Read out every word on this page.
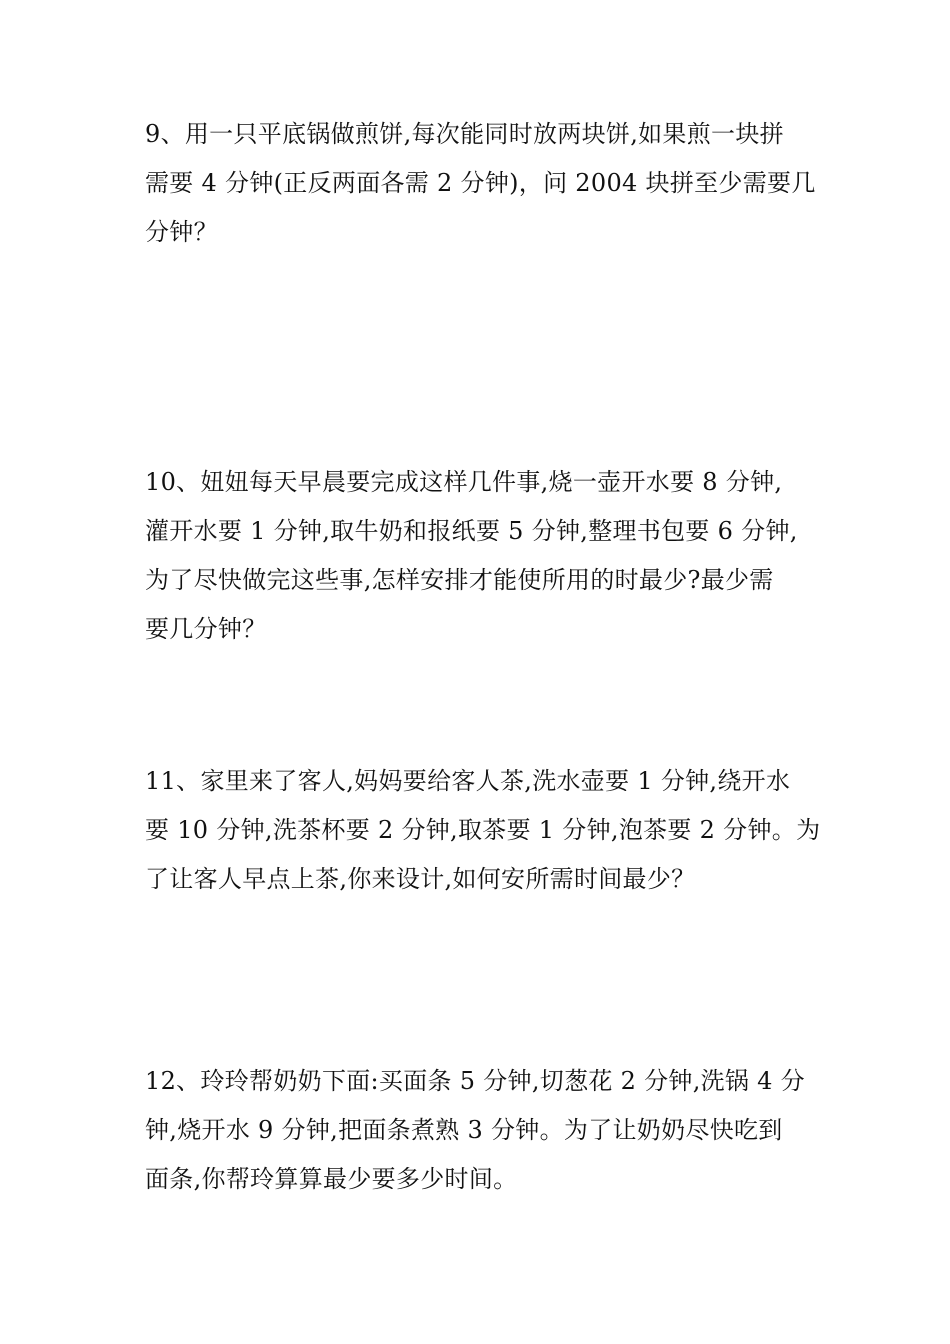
9、用一只平底锅做煎饼,每次能同时放两块饼,如果煎一块拼
需要 4 分钟(正反两面各需 2 分钟)，问 2004 块拼至少需要几
分钟？

10、妞妞每天早晨要完成这样几件事,烧一壶开水要 8 分钟,
灌开水要 1 分钟,取牛奶和报纸要 5 分钟,整理书包要 6 分钟,
为了尽快做完这些事,怎样安排才能使所用的时最少?最少需
要几分钟？

11、家里来了客人,妈妈要给客人茶,洗水壶要 1 分钟,绕开水
要 10 分钟,洗茶杯要 2 分钟,取茶要 1 分钟,泡茶要 2 分钟。为
了让客人早点上茶,你来设计,如何安所需时间最少？

12、玲玲帮奶奶下面:买面条 5 分钟,切葱花 2 分钟,洗锅 4 分
钟,烧开水 9 分钟,把面条煮熟 3 分钟。为了让奶奶尽快吃到
面条,你帮玲算算最少要多少时间。
